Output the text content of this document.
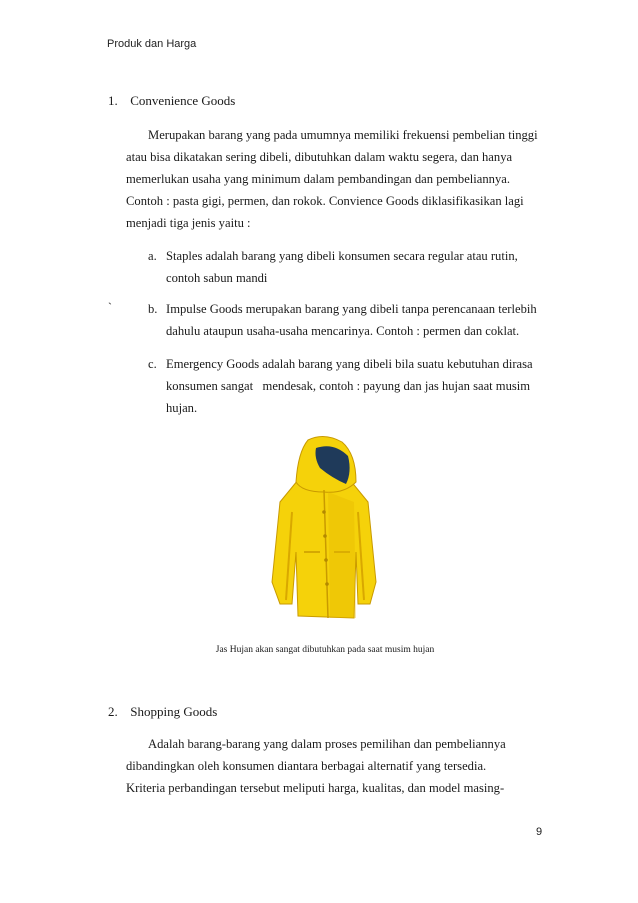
Produk dan Harga
1. Convenience Goods
Merupakan barang yang pada umumnya memiliki frekuensi pembelian tinggi
atau bisa dikatakan sering dibeli, dibutuhkan dalam waktu segera, dan hanya
memerlukan usaha yang minimum dalam pembandingan dan pembeliannya.
Contoh : pasta gigi, permen, dan rokok. Convience Goods diklasifikasikan lagi
menjadi tiga jenis yaitu :
a. Staples adalah barang yang dibeli konsumen secara regular atau rutin,
contoh sabun mandi
`	b. Impulse Goods merupakan barang yang dibeli tanpa perencanaan terlebih
dahulu ataupun usaha-usaha mencarinya. Contoh : permen dan coklat.
c. Emergency Goods adalah barang yang dibeli bila suatu kebutuhan dirasa
konsumen sangat   mendesak, contoh : payung dan jas hujan saat musim
hujan.
Jas Hujan akan sangat dibutuhkan pada saat musim hujan
2. Shopping Goods
Adalah barang-barang yang dalam proses pemilihan dan pembeliannya
dibandingkan oleh konsumen diantara berbagai alternatif yang tersedia.
Kriteria perbandingan tersebut meliputi harga, kualitas, dan model masing-
9
